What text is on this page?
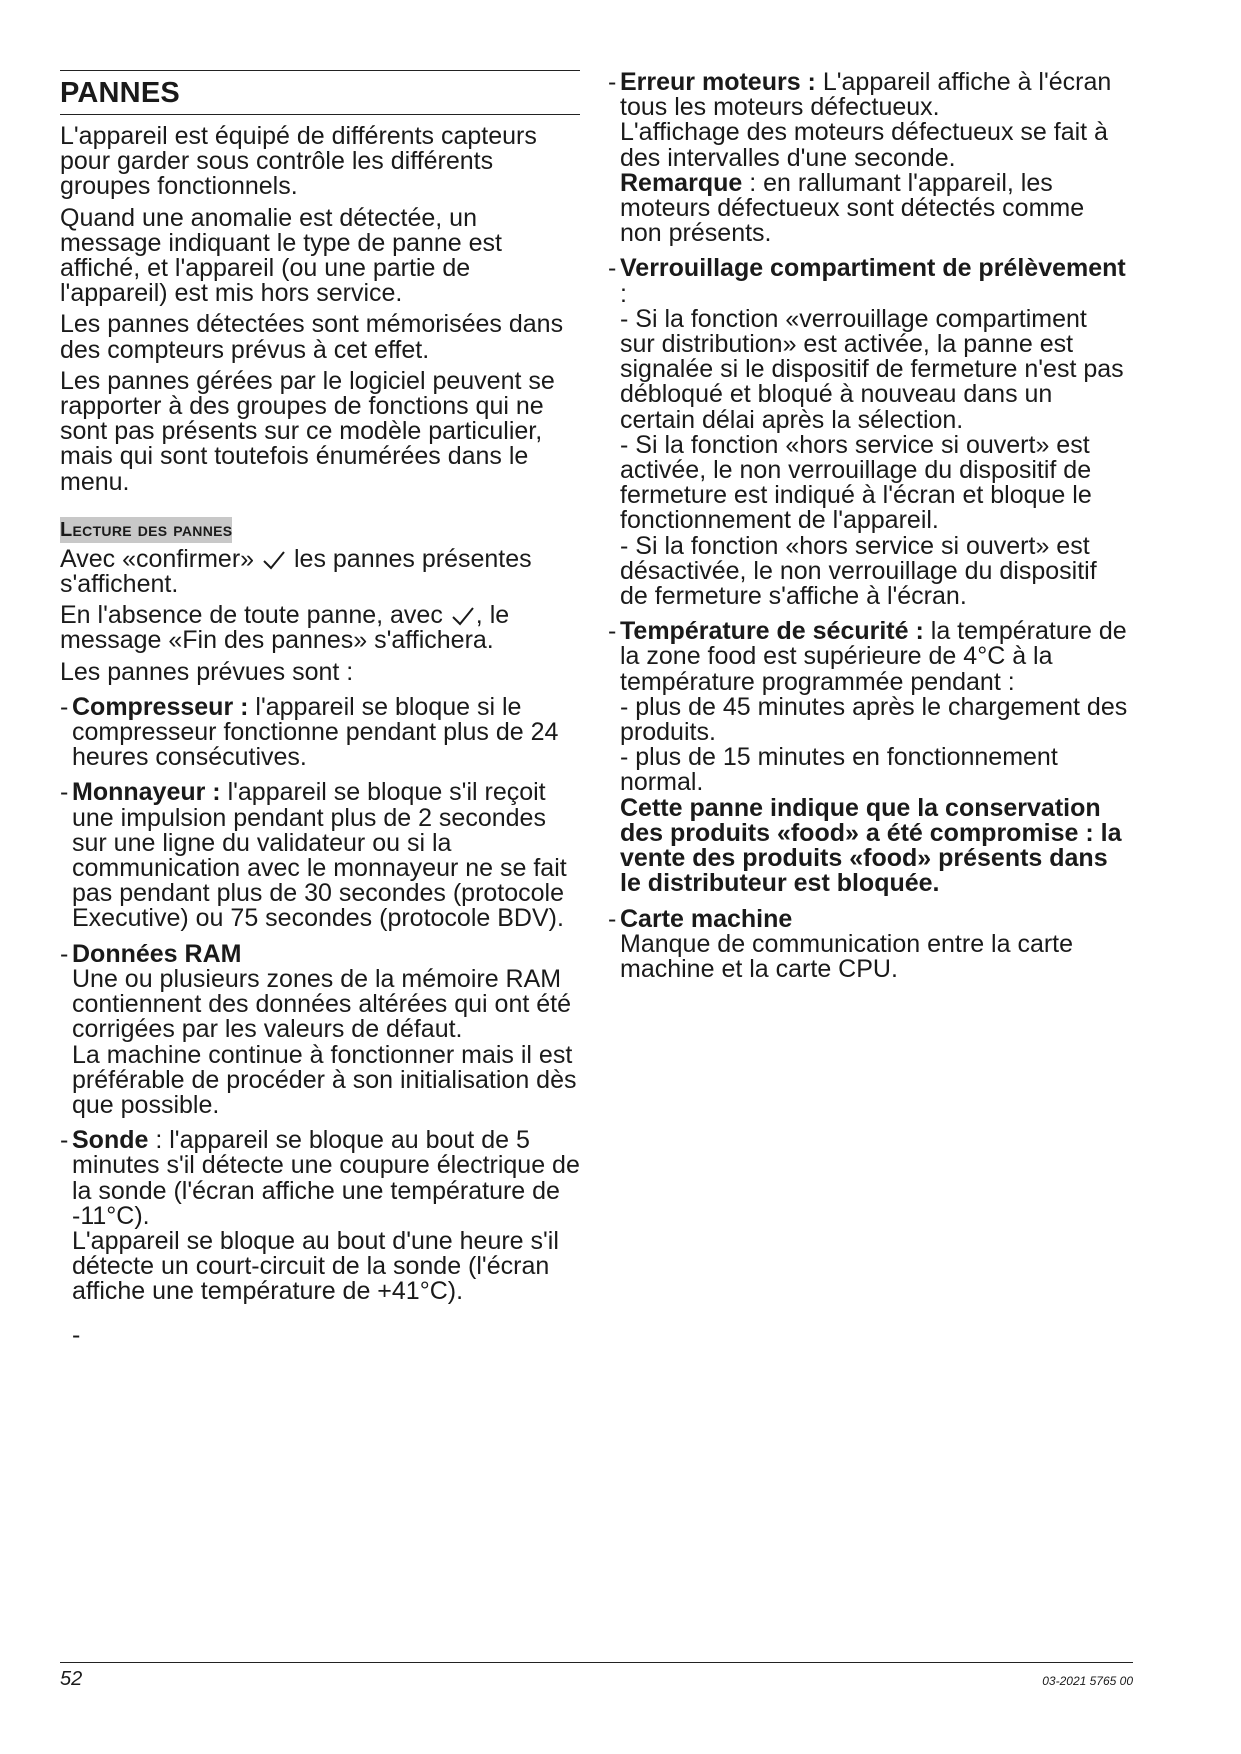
PANNES

L'appareil est équipé de différents capteurs pour garder sous contrôle les différents groupes fonctionnels.

Quand une anomalie est détectée, un message indiquant le type de panne est affiché, et l'appareil (ou une partie de l'appareil) est mis hors service.

Les pannes détectées sont mémorisées dans des compteurs prévus à cet effet.

Les pannes gérées par le logiciel peuvent se rapporter à des groupes de fonctions qui ne sont pas présents sur ce modèle particulier, mais qui sont toutefois énumérées dans le menu.

Lecture des pannes

Avec «confirmer» les pannes présentes s'affichent.

En l'absence de toute panne, avec , le message «Fin des pannes» s'affichera.

Les pannes prévues sont :

- Compresseur : l'appareil se bloque si le compresseur fonctionne pendant plus de 24 heures consécutives.
- Monnayeur : l'appareil se bloque s'il reçoit une impulsion pendant plus de 2 secondes sur une ligne du validateur ou si la communication avec le monnayeur ne se fait pas pendant plus de 30 secondes (protocole Executive) ou 75 secondes (protocole BDV).
- Données RAM
Une ou plusieurs zones de la mémoire RAM contiennent des données altérées qui ont été corrigées par les valeurs de défaut.
La machine continue à fonctionner mais il est préférable de procéder à son initialisation dès que possible.
- Sonde : l'appareil se bloque au bout de 5 minutes s'il détecte une coupure électrique de la sonde (l'écran affiche une température de -11°C).
L'appareil se bloque au bout d'une heure s'il détecte un court-circuit de la sonde (l'écran affiche une température de +41°C).
-
- Erreur moteurs : L'appareil affiche à l'écran tous les moteurs défectueux.
L'affichage des moteurs défectueux se fait à des intervalles d'une seconde.
Remarque : en rallumant l'appareil, les moteurs défectueux sont détectés comme non présents.
- Verrouillage compartiment de prélèvement :
- Si la fonction «verrouillage compartiment sur distribution» est activée, la panne est signalée si le dispositif de fermeture n'est pas débloqué et bloqué à nouveau dans un certain délai après la sélection.
- Si la fonction «hors service si ouvert» est activée, le non verrouillage du dispositif de fermeture est indiqué à l'écran et bloque le fonctionnement de l'appareil.
- Si la fonction «hors service si ouvert» est désactivée, le non verrouillage du dispositif de fermeture s'affiche à l'écran.
- Température de sécurité : la température de la zone food est supérieure de 4°C à la température programmée pendant :
- plus de 45 minutes après le chargement des produits.
- plus de 15 minutes en fonctionnement normal.
Cette panne indique que la conservation des produits «food» a été compromise : la vente des produits «food» présents dans le distributeur est bloquée.
- Carte machine
Manque de communication entre la carte machine et la carte CPU.
52	03-2021 5765 00
